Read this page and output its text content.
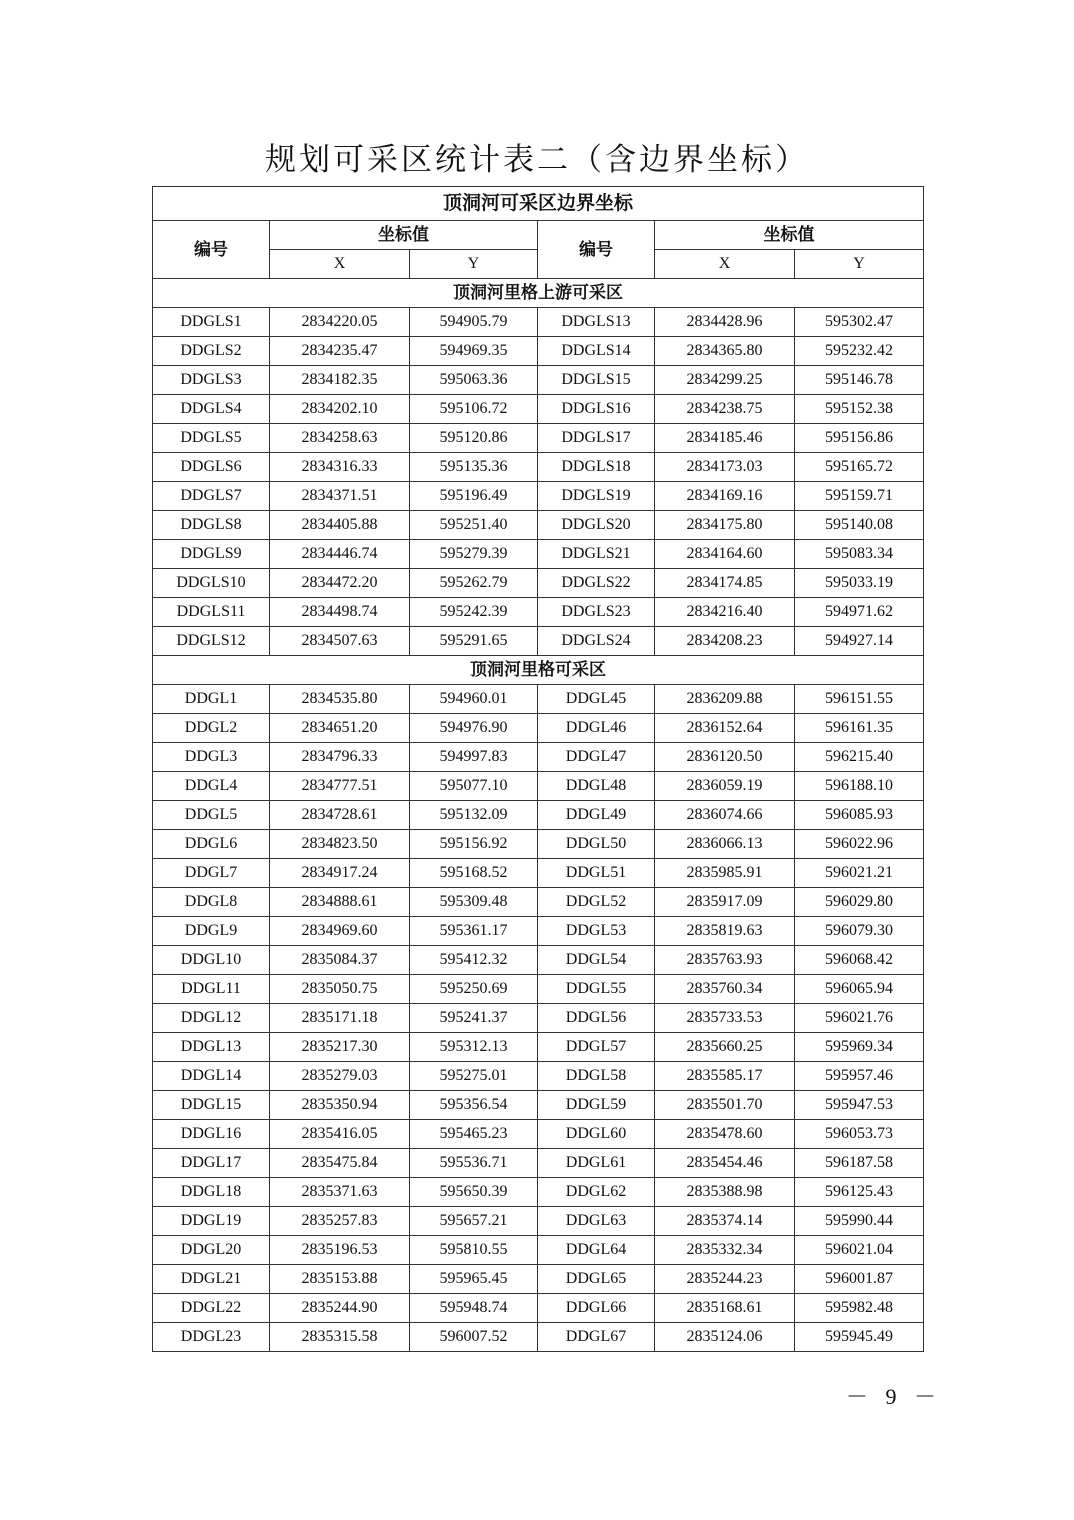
规划可采区统计表二（含边界坐标）
顶洞河可采区边界坐标					
编号	坐标值		编号	坐标值	
	X	Y		X	Y
顶洞河里格上游可采区					
DDGLS1	2834220.05	594905.79	DDGLS13	2834428.96	595302.47
DDGLS2	2834235.47	594969.35	DDGLS14	2834365.80	595232.42
DDGLS3	2834182.35	595063.36	DDGLS15	2834299.25	595146.78
DDGLS4	2834202.10	595106.72	DDGLS16	2834238.75	595152.38
DDGLS5	2834258.63	595120.86	DDGLS17	2834185.46	595156.86
DDGLS6	2834316.33	595135.36	DDGLS18	2834173.03	595165.72
DDGLS7	2834371.51	595196.49	DDGLS19	2834169.16	595159.71
DDGLS8	2834405.88	595251.40	DDGLS20	2834175.80	595140.08
DDGLS9	2834446.74	595279.39	DDGLS21	2834164.60	595083.34
DDGLS10	2834472.20	595262.79	DDGLS22	2834174.85	595033.19
DDGLS11	2834498.74	595242.39	DDGLS23	2834216.40	594971.62
DDGLS12	2834507.63	595291.65	DDGLS24	2834208.23	594927.14
顶洞河里格可采区					
DDGL1	2834535.80	594960.01	DDGL45	2836209.88	596151.55
DDGL2	2834651.20	594976.90	DDGL46	2836152.64	596161.35
DDGL3	2834796.33	594997.83	DDGL47	2836120.50	596215.40
DDGL4	2834777.51	595077.10	DDGL48	2836059.19	596188.10
DDGL5	2834728.61	595132.09	DDGL49	2836074.66	596085.93
DDGL6	2834823.50	595156.92	DDGL50	2836066.13	596022.96
DDGL7	2834917.24	595168.52	DDGL51	2835985.91	596021.21
DDGL8	2834888.61	595309.48	DDGL52	2835917.09	596029.80
DDGL9	2834969.60	595361.17	DDGL53	2835819.63	596079.30
DDGL10	2835084.37	595412.32	DDGL54	2835763.93	596068.42
DDGL11	2835050.75	595250.69	DDGL55	2835760.34	596065.94
DDGL12	2835171.18	595241.37	DDGL56	2835733.53	596021.76
DDGL13	2835217.30	595312.13	DDGL57	2835660.25	595969.34
DDGL14	2835279.03	595275.01	DDGL58	2835585.17	595957.46
DDGL15	2835350.94	595356.54	DDGL59	2835501.70	595947.53
DDGL16	2835416.05	595465.23	DDGL60	2835478.60	596053.73
DDGL17	2835475.84	595536.71	DDGL61	2835454.46	596187.58
DDGL18	2835371.63	595650.39	DDGL62	2835388.98	596125.43
DDGL19	2835257.83	595657.21	DDGL63	2835374.14	595990.44
DDGL20	2835196.53	595810.55	DDGL64	2835332.34	596021.04
DDGL21	2835153.88	595965.45	DDGL65	2835244.23	596001.87
DDGL22	2835244.90	595948.74	DDGL66	2835168.61	595982.48
DDGL23	2835315.58	596007.52	DDGL67	2835124.06	595945.49
－ 9 －
